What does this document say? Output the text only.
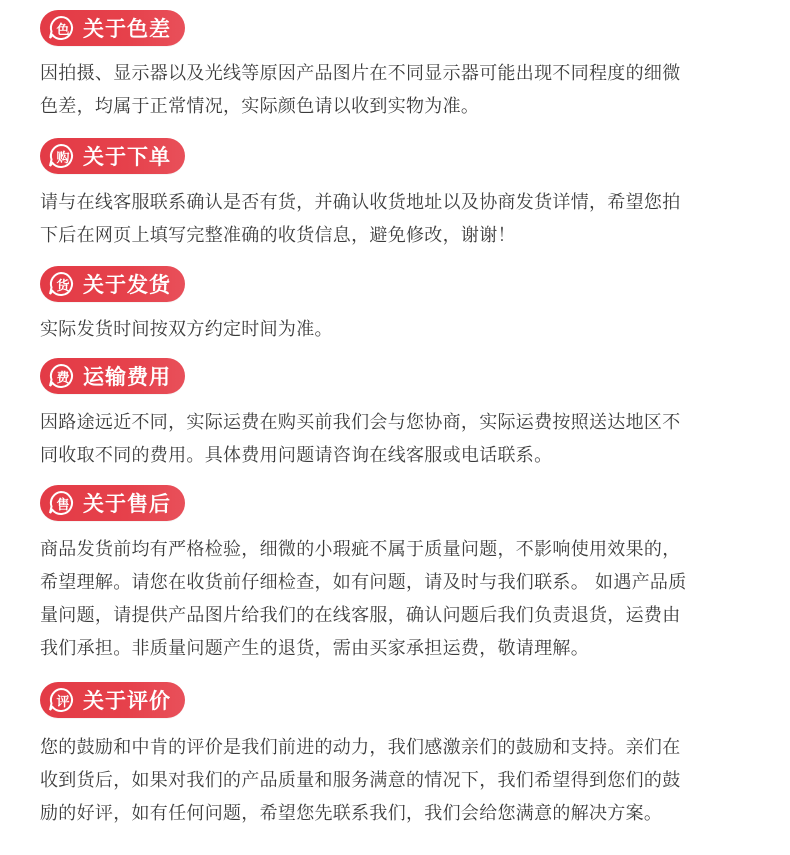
色 关于色差
因拍摄、显示器以及光线等原因产品图片在不同显示器可能出现不同程度的细微
色差，均属于正常情况，实际颜色请以收到实物为准。
购 关于下单
请与在线客服联系确认是否有货，并确认收货地址以及协商发货详情，希望您拍
下后在网页上填写完整准确的收货信息，避免修改，谢谢！
货 关于发货
实际发货时间按双方约定时间为准。
费 运输费用
因路途远近不同，实际运费在购买前我们会与您协商，实际运费按照送达地区不
同收取不同的费用。具体费用问题请咨询在线客服或电话联系。
售 关于售后
商品发货前均有严格检验，细微的小瑕疵不属于质量问题，不影响使用效果的，
希望理解。请您在收货前仔细检查，如有问题，请及时与我们联系。 如遇产品质
量问题，请提供产品图片给我们的在线客服，确认问题后我们负责退货，运费由
我们承担。非质量问题产生的退货，需由买家承担运费，敬请理解。
评 关于评价
您的鼓励和中肯的评价是我们前进的动力，我们感激亲们的鼓励和支持。亲们在
收到货后，如果对我们的产品质量和服务满意的情况下，我们希望得到您们的鼓
励的好评，如有任何问题，希望您先联系我们，我们会给您满意的解决方案。
